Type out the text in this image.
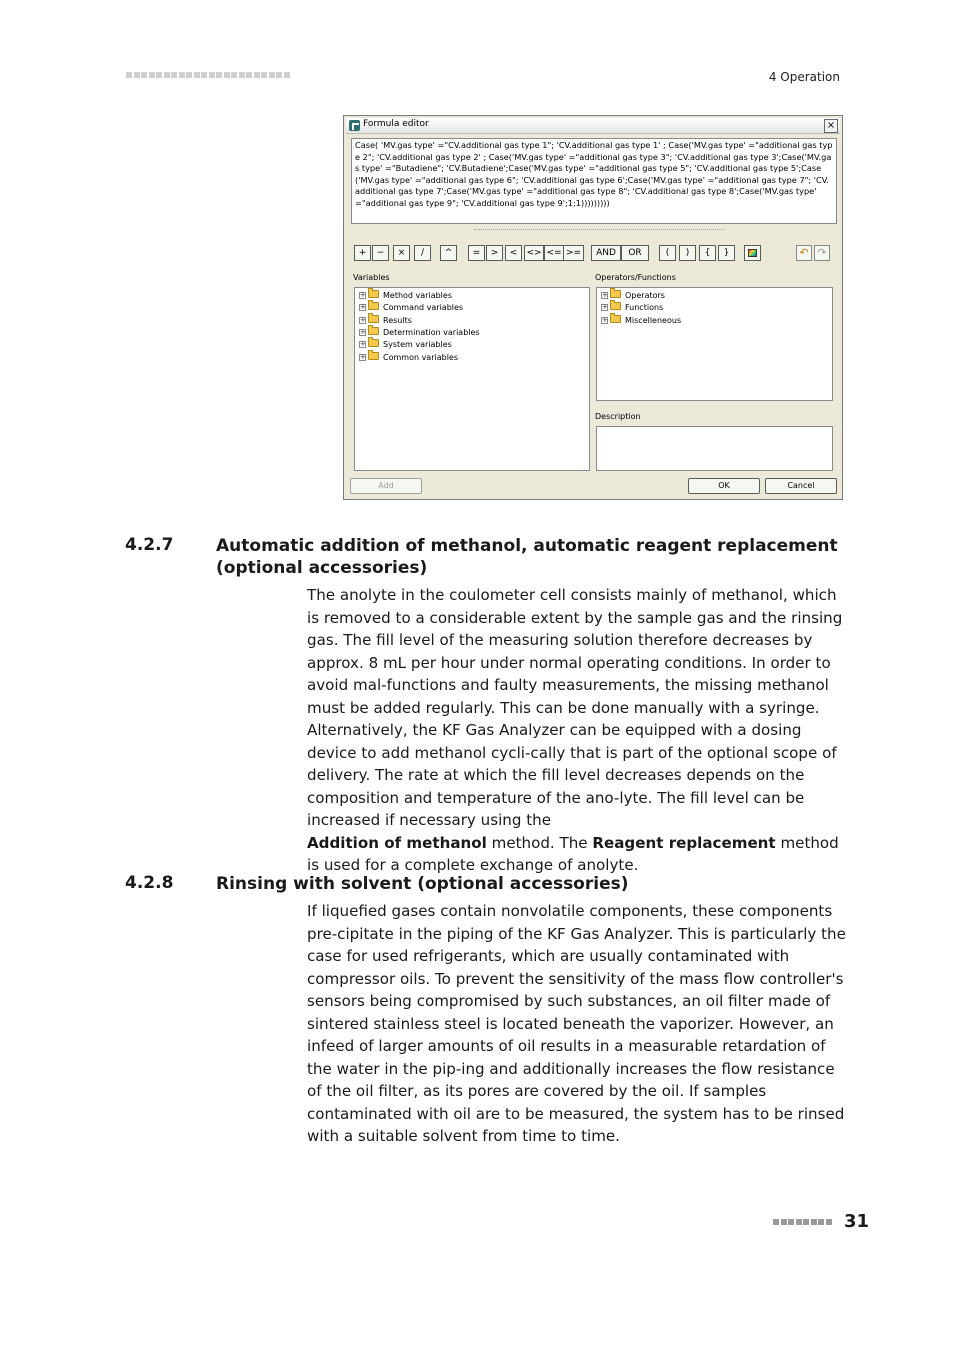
4 Operation
Formula editor	×
Case( 'MV.gas type' ="CV.additional gas type 1"; 'CV.additional gas type 1' ; Case('MV.gas type' ="additional gas type 2"; 'CV.additional gas type 2' ; Case('MV.gas type' ="additional gas type 3"; 'CV.additional gas type 3';Case('MV.gas type' ="Butadiene"; 'CV.Butadiene';Case('MV.gas type' ="additional gas type 5"; 'CV.additional gas type 5';Case('MV.gas type' ="additional gas type 6"; 'CV.additional gas type 6';Case('MV.gas type' ="additional gas type 7"; 'CV.additional gas type 7';Case('MV.gas type' ="additional gas type 8"; 'CV.additional gas type 8';Case('MV.gas type' ="additional gas type 9"; 'CV.additional gas type 9';1;1)))))))))
+	−	×	/	^	=	>	<	<> <= >=	AND	OR	(	)	{	}	↶ ↷
Variables
+ Method variables
+ Command variables
+ Results
+ Determination variables
+ System variables
+ Common variables
Operators/Functions
+ Operators
+ Functions
+ Miscelleneous
Description
Add	OK	Cancel
4.2.7	Automatic addition of methanol, automatic reagent replacement (optional accessories)
The anolyte in the coulometer cell consists mainly of methanol, which is removed to a considerable extent by the sample gas and the rinsing gas. The fill level of the measuring solution therefore decreases by approx. 8 mL per hour under normal operating conditions. In order to avoid mal-functions and faulty measurements, the missing methanol must be added regularly. This can be done manually with a syringe. Alternatively, the KF Gas Analyzer can be equipped with a dosing device to add methanol cycli-cally that is part of the optional scope of delivery. The rate at which the fill level decreases depends on the composition and temperature of the ano-lyte. The fill level can be increased if necessary using the
Addition of methanol method. The Reagent replacement method is used for a complete exchange of anolyte.
4.2.8	Rinsing with solvent (optional accessories)
If liquefied gases contain nonvolatile components, these components pre-cipitate in the piping of the KF Gas Analyzer. This is particularly the case for used refrigerants, which are usually contaminated with compressor oils. To prevent the sensitivity of the mass flow controller's sensors being compromised by such substances, an oil filter made of sintered stainless steel is located beneath the vaporizer. However, an infeed of larger amounts of oil results in a measurable retardation of the water in the pip-ing and additionally increases the flow resistance of the oil filter, as its pores are covered by the oil. If samples contaminated with oil are to be measured, the system has to be rinsed with a suitable solvent from time to time.
31
